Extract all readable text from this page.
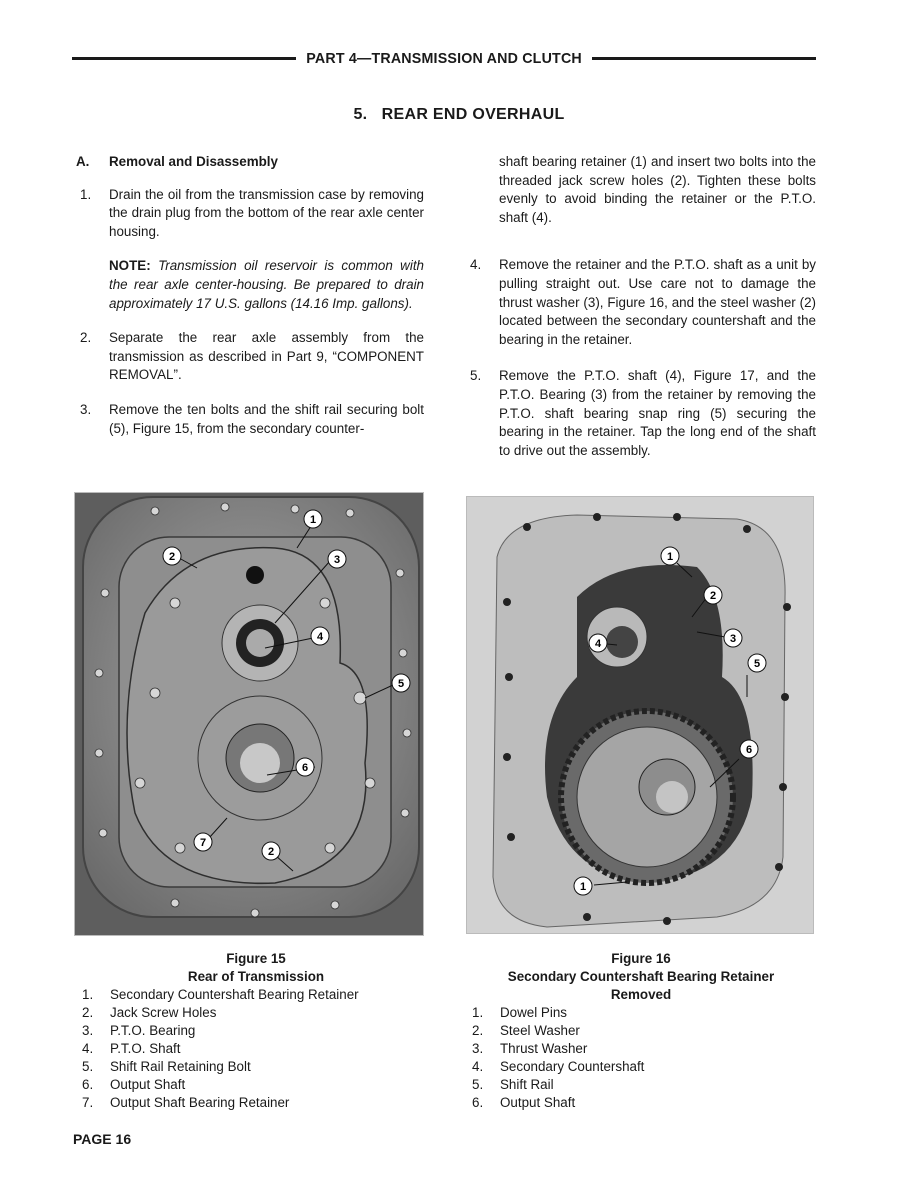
PART 4—TRANSMISSION AND CLUTCH
5.   REAR END OVERHAUL
A.	Removal and Disassembly
1.	Drain the oil from the transmission case by removing the drain plug from the bottom of the rear axle center housing.
NOTE: Transmission oil reservoir is common with the rear axle center-housing. Be prepared to drain approximately 17 U.S. gallons (14.16 Imp. gallons).
2.	Separate the rear axle assembly from the transmission as described in Part 9, “COMPONENT REMOVAL”.
3.	Remove the ten bolts and the shift rail securing bolt (5), Figure 15, from the secondary counter-
shaft bearing retainer (1) and insert two bolts into the threaded jack screw holes (2). Tighten these bolts evenly to avoid binding the retainer or the P.T.O. shaft (4).
4.	Remove the retainer and the P.T.O. shaft as a unit by pulling straight out. Use care not to damage the thrust washer (3), Figure 16, and the steel washer (2) located between the secondary countershaft and the bearing in the retainer.
5.	Remove the P.T.O. shaft (4), Figure 17, and the P.T.O. Bearing (3) from the retainer by removing the P.T.O. shaft bearing snap ring (5) securing the bearing in the retainer. Tap the long end of the shaft to drive out the assembly.
1
2	3
4
5
6
7
2
1
2
3
4
5
6
1
Figure 15
Rear of Transmission
1.	Secondary Countershaft Bearing Retainer
2.	Jack Screw Holes
3.	P.T.O. Bearing
4.	P.T.O. Shaft
5.	Shift Rail Retaining Bolt
6.	Output Shaft
7.	Output Shaft Bearing Retainer
Figure 16
Secondary Countershaft Bearing Retainer
Removed
1.	Dowel Pins
2.	Steel Washer
3.	Thrust Washer
4.	Secondary Countershaft
5.	Shift Rail
6.	Output Shaft
PAGE 16
